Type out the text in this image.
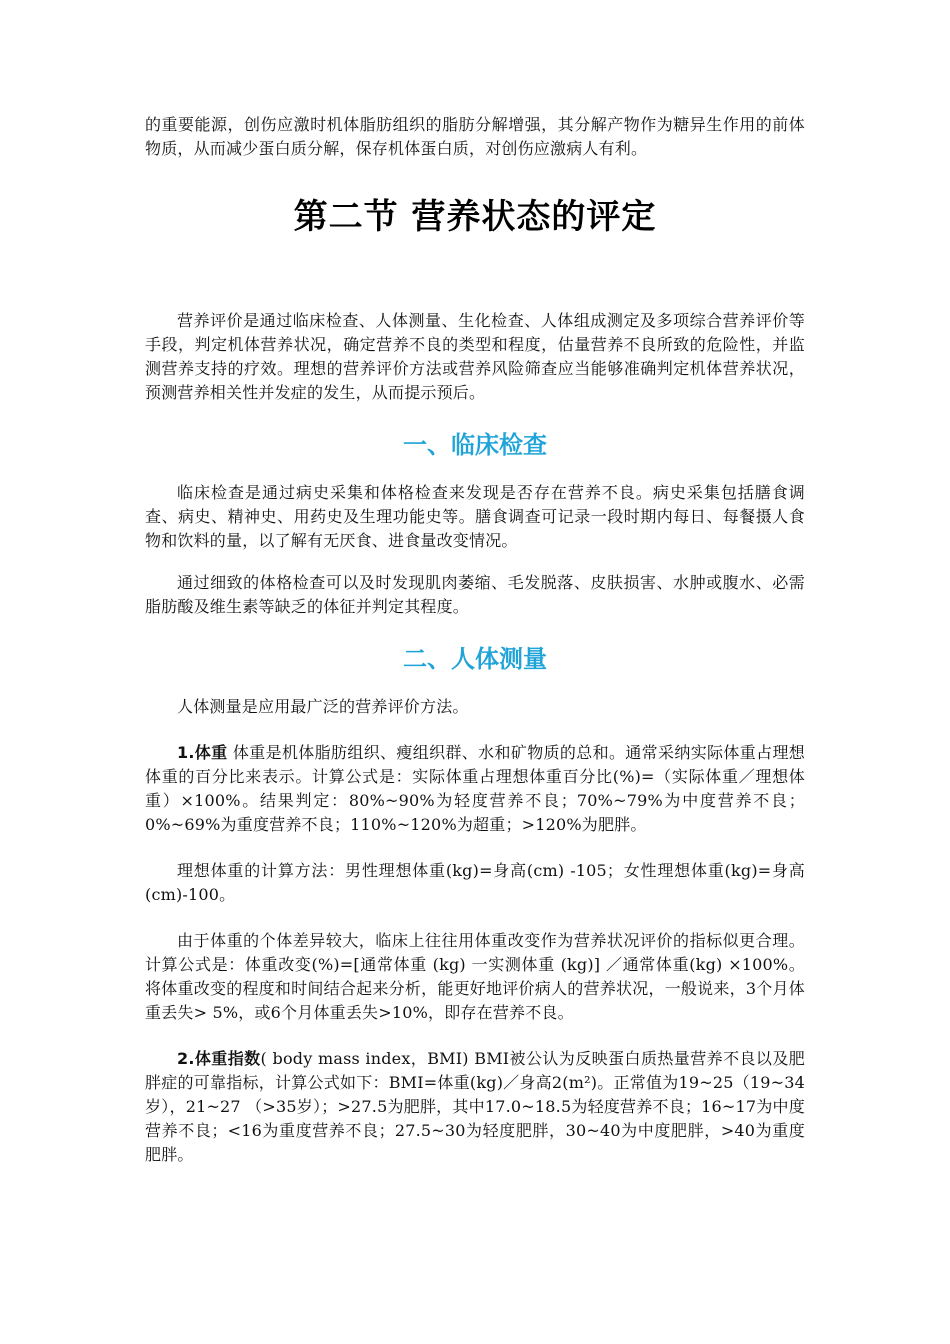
的重要能源，创伤应激时机体脂肪组织的脂肪分解增强，其分解产物作为糖异生作用的前体物质，从而减少蛋白质分解，保存机体蛋白质，对创伤应激病人有利。

第二节 营养状态的评定

营养评价是通过临床检查、人体测量、生化检查、人体组成测定及多项综合营养评价等手段，判定机体营养状况，确定营养不良的类型和程度，估量营养不良所致的危险性，并监测营养支持的疗效。理想的营养评价方法或营养风险筛查应当能够准确判定机体营养状况，预测营养相关性并发症的发生，从而提示预后。

一、临床检查

临床检查是通过病史采集和体格检查来发现是否存在营养不良。病史采集包括膳食调查、病史、精神史、用药史及生理功能史等。膳食调查可记录一段时期内每日、每餐摄人食物和饮料的量，以了解有无厌食、进食量改变情况。

通过细致的体格检查可以及时发现肌肉萎缩、毛发脱落、皮肤损害、水肿或腹水、必需脂肪酸及维生素等缺乏的体征并判定其程度。

二、人体测量

人体测量是应用最广泛的营养评价方法。

1.体重 体重是机体脂肪组织、瘦组织群、水和矿物质的总和。通常采纳实际体重占理想体重的百分比来表示。计算公式是：实际体重占理想体重百分比(%)=（实际体重／理想体重）×100%。结果判定：80%~90%为轻度营养不良；70%~79%为中度营养不良；0%~69%为重度营养不良；110%~120%为超重；>120%为肥胖。

理想体重的计算方法：男性理想体重(kg)=身高(cm) -105；女性理想体重(kg)=身高(cm)-100。

由于体重的个体差异较大，临床上往往用体重改变作为营养状况评价的指标似更合理。计算公式是：体重改变(%)=[通常体重 (kg) 一实测体重 (kg)] ／通常体重(kg) ×100%。将体重改变的程度和时间结合起来分析，能更好地评价病人的营养状况，一般说来，3个月体重丢失> 5%，或6个月体重丢失>10%，即存在营养不良。

2.体重指数( body mass index，BMI) BMI被公认为反映蛋白质热量营养不良以及肥胖症的可靠指标，计算公式如下：BMI=体重(kg)／身高2(m²)。正常值为19~25（19~34岁），21~27 （>35岁）；>27.5为肥胖，其中17.0~18.5为轻度营养不良；16~17为中度营养不良；<16为重度营养不良；27.5~30为轻度肥胖，30~40为中度肥胖，>40为重度肥胖。
